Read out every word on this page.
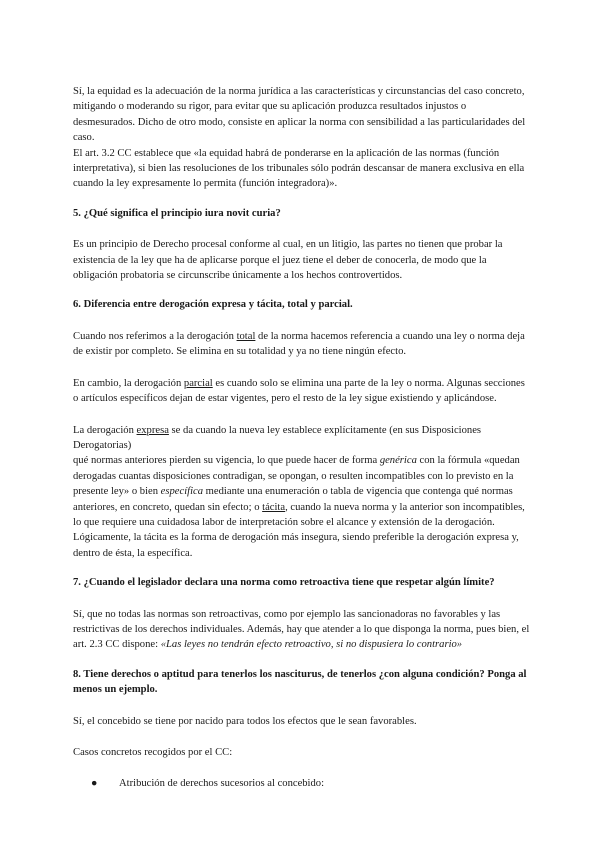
Sí, la equidad es la adecuación de la norma jurídica a las características y circunstancias del caso concreto, mitigando o moderando su rigor, para evitar que su aplicación produzca resultados injustos o desmesurados. Dicho de otro modo, consiste en aplicar la norma con sensibilidad a las particularidades del caso.

El art. 3.2 CC establece que «la equidad habrá de ponderarse en la aplicación de las normas (función interpretativa), si bien las resoluciones de los tribunales sólo podrán descansar de manera exclusiva en ella cuando la ley expresamente lo permita (función integradora)».

5. ¿Qué significa el principio iura novit curia?

Es un principio de Derecho procesal conforme al cual, en un litigio, las partes no tienen que probar la existencia de la ley que ha de aplicarse porque el juez tiene el deber de conocerla, de modo que la obligación probatoria se circunscribe únicamente a los hechos controvertidos.

6. Diferencia entre derogación expresa y tácita, total y parcial.

Cuando nos referimos a la derogación total de la norma hacemos referencia a cuando una ley o norma deja de existir por completo. Se elimina en su totalidad y ya no tiene ningún efecto.

En cambio, la derogación parcial es cuando solo se elimina una parte de la ley o norma. Algunas secciones o artículos específicos dejan de estar vigentes, pero el resto de la ley sigue existiendo y aplicándose.

La derogación expresa se da cuando la nueva ley establece explícitamente (en sus Disposiciones Derogatorias)

qué normas anteriores pierden su vigencia, lo que puede hacer de forma genérica con la fórmula «quedan derogadas cuantas disposiciones contradigan, se opongan, o resulten incompatibles con lo previsto en la presente ley» o bien específica mediante una enumeración o tabla de vigencia que contenga qué normas anteriores, en concreto, quedan sin efecto; o tácita, cuando la nueva norma y la anterior son incompatibles, lo que requiere una cuidadosa labor de interpretación sobre el alcance y extensión de la derogación. Lógicamente, la tácita es la forma de derogación más insegura, siendo preferible la derogación expresa y, dentro de ésta, la específica.

7. ¿Cuando el legislador declara una norma como retroactiva tiene que respetar algún límite?

Sí, que no todas las normas son retroactivas, como por ejemplo las sancionadoras no favorables y las restrictivas de los derechos individuales. Además, hay que atender a lo que disponga la norma, pues bien, el art. 2.3 CC dispone: «Las leyes no tendrán efecto retroactivo, si no dispusiera lo contrario»

8. Tiene derechos o aptitud para tenerlos los nasciturus, de tenerlos ¿con alguna condición? Ponga al menos un ejemplo.

Sí, el concebido se tiene por nacido para todos los efectos que le sean favorables.

Casos concretos recogidos por el CC:

● Atribución de derechos sucesorios al concebido:
